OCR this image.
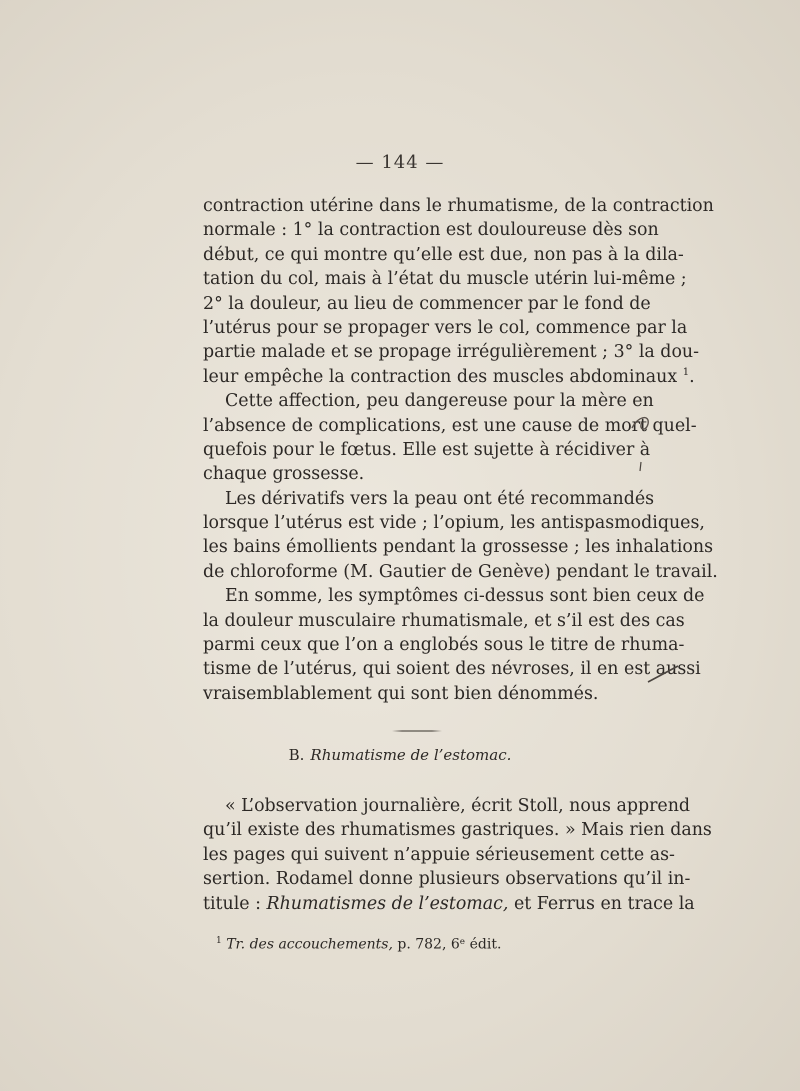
— 144 —
contraction utérine dans le rhumatisme, de la contraction
normale : 1° la contraction est douloureuse dès son
début, ce qui montre qu’elle est due, non pas à la dila-
tation du col, mais à l’état du muscle utérin lui-même ;
2° la douleur, au lieu de commencer par le fond de
l’utérus pour se propager vers le col, commence par la
partie malade et se propage irrégulièrement ; 3° la dou-
leur empêche la contraction des muscles abdominaux $^1$.
Cette affection, peu dangereuse pour la mère en
l’absence de complications, est une cause de mort quel-
quefois pour le fœtus. Elle est sujette à récidiver à
chaque grossesse.
Les dérivatifs vers la peau ont été recommandés
lorsque l’utérus est vide ; l’opium, les antispasmodiques,
les bains émollients pendant la grossesse ; les inhalations
de chloroforme (M. Gautier de Genève) pendant le travail.
En somme, les symptômes ci-dessus sont bien ceux de
la douleur musculaire rhumatismale, et s’il est des cas
parmi ceux que l’on a englobés sous le titre de rhuma-
tisme de l’utérus, qui soient des névroses, il en est aussi
vraisemblablement qui sont bien dénommés.
B. Rhumatisme de l’estomac.
« L’observation journalière, écrit Stoll, nous apprend
qu’il existe des rhumatismes gastriques. » Mais rien dans
les pages qui suivent n’appuie sérieusement cette as-
sertion. Rodamel donne plusieurs observations qu’il in-
titule : Rhumatismes de l’estomac, et Ferrus en trace la
$^1$ Tr. des accouchements, p. 782, 6ᵉ édit.
